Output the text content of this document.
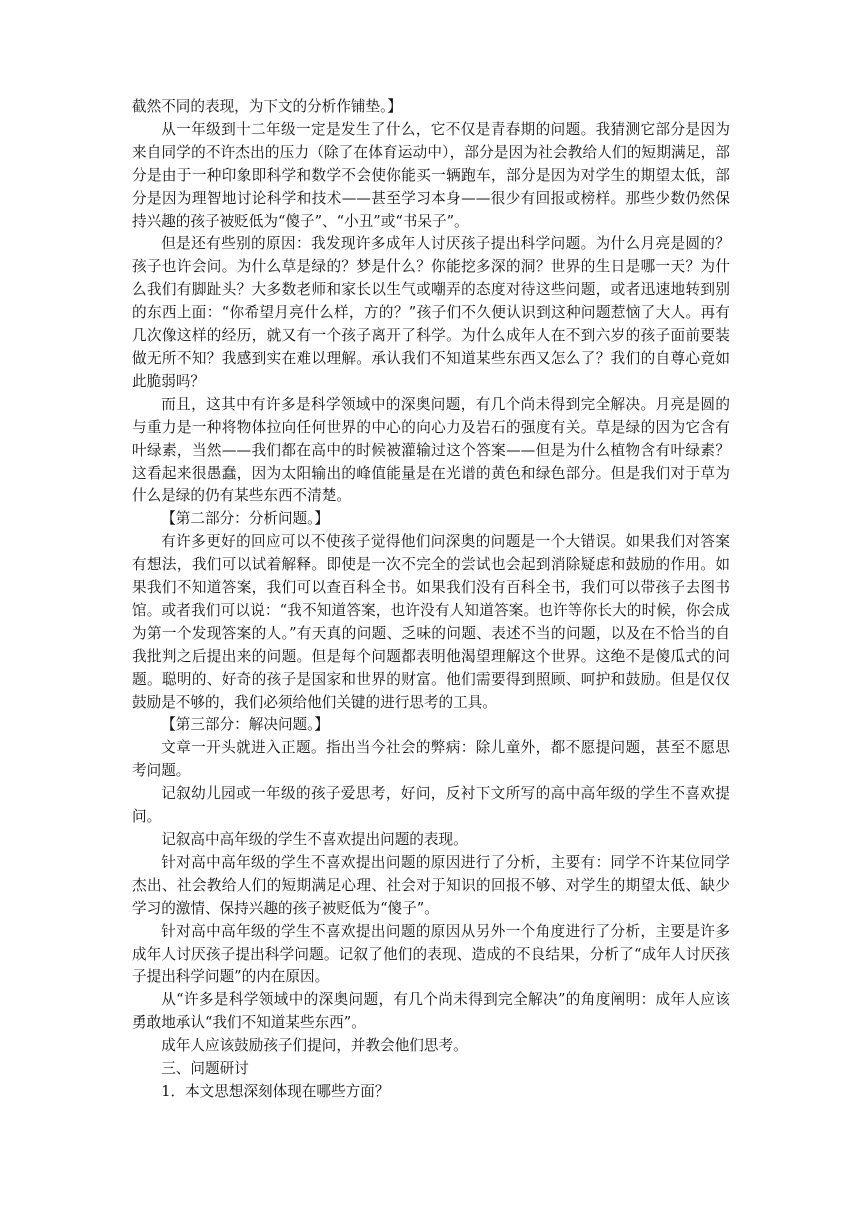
截然不同的表现，为下文的分析作铺垫。】

从一年级到十二年级一定是发生了什么，它不仅是青春期的问题。我猜测它部分是因为来自同学的不许杰出的压力（除了在体育运动中），部分是因为社会教给人们的短期满足，部分是由于一种印象即科学和数学不会使你能买一辆跑车，部分是因为对学生的期望太低，部分是因为理智地讨论科学和技术——甚至学习本身——很少有回报或榜样。那些少数仍然保持兴趣的孩子被贬低为“傻子”、“小丑”或“书呆子”。

但是还有些别的原因：我发现许多成年人讨厌孩子提出科学问题。为什么月亮是圆的？孩子也许会问。为什么草是绿的？梦是什么？你能挖多深的洞？世界的生日是哪一天？为什么我们有脚趾头？大多数老师和家长以生气或嘲弄的态度对待这些问题，或者迅速地转到别的东西上面：“你希望月亮什么样，方的？”孩子们不久便认识到这种问题惹恼了大人。再有几次像这样的经历，就又有一个孩子离开了科学。为什么成年人在不到六岁的孩子面前要装做无所不知？我感到实在难以理解。承认我们不知道某些东西又怎么了？我们的自尊心竟如此脆弱吗？

而且，这其中有许多是科学领域中的深奥问题，有几个尚未得到完全解决。月亮是圆的与重力是一种将物体拉向任何世界的中心的向心力及岩石的强度有关。草是绿的因为它含有叶绿素，当然——我们都在高中的时候被灌输过这个答案——但是为什么植物含有叶绿素？这看起来很愚蠢，因为太阳输出的峰值能量是在光谱的黄色和绿色部分。但是我们对于草为什么是绿的仍有某些东西不清楚。

【第二部分：分析问题。】

有许多更好的回应可以不使孩子觉得他们问深奥的问题是一个大错误。如果我们对答案有想法，我们可以试着解释。即使是一次不完全的尝试也会起到消除疑虑和鼓励的作用。如果我们不知道答案，我们可以查百科全书。如果我们没有百科全书，我们可以带孩子去图书馆。或者我们可以说：“我不知道答案，也许没有人知道答案。也许等你长大的时候，你会成为第一个发现答案的人。”有天真的问题、乏味的问题、表述不当的问题，以及在不恰当的自我批判之后提出来的问题。但是每个问题都表明他渴望理解这个世界。这绝不是傻瓜式的问题。聪明的、好奇的孩子是国家和世界的财富。他们需要得到照顾、呵护和鼓励。但是仅仅鼓励是不够的，我们必须给他们关键的进行思考的工具。

【第三部分：解决问题。】

文章一开头就进入正题。指出当今社会的弊病：除儿童外，都不愿提问题，甚至不愿思考问题。

记叙幼儿园或一年级的孩子爱思考，好问，反衬下文所写的高中高年级的学生不喜欢提问。

记叙高中高年级的学生不喜欢提出问题的表现。

针对高中高年级的学生不喜欢提出问题的原因进行了分析，主要有：同学不许某位同学杰出、社会教给人们的短期满足心理、社会对于知识的回报不够、对学生的期望太低、缺少学习的激情、保持兴趣的孩子被贬低为“傻子”。

针对高中高年级的学生不喜欢提出问题的原因从另外一个角度进行了分析，主要是许多成年人讨厌孩子提出科学问题。记叙了他们的表现、造成的不良结果，分析了“成年人讨厌孩子提出科学问题”的内在原因。

从“许多是科学领域中的深奥问题，有几个尚未得到完全解决”的角度阐明：成年人应该勇敢地承认“我们不知道某些东西”。

成年人应该鼓励孩子们提问，并教会他们思考。

三、问题研讨

1．本文思想深刻体现在哪些方面？
